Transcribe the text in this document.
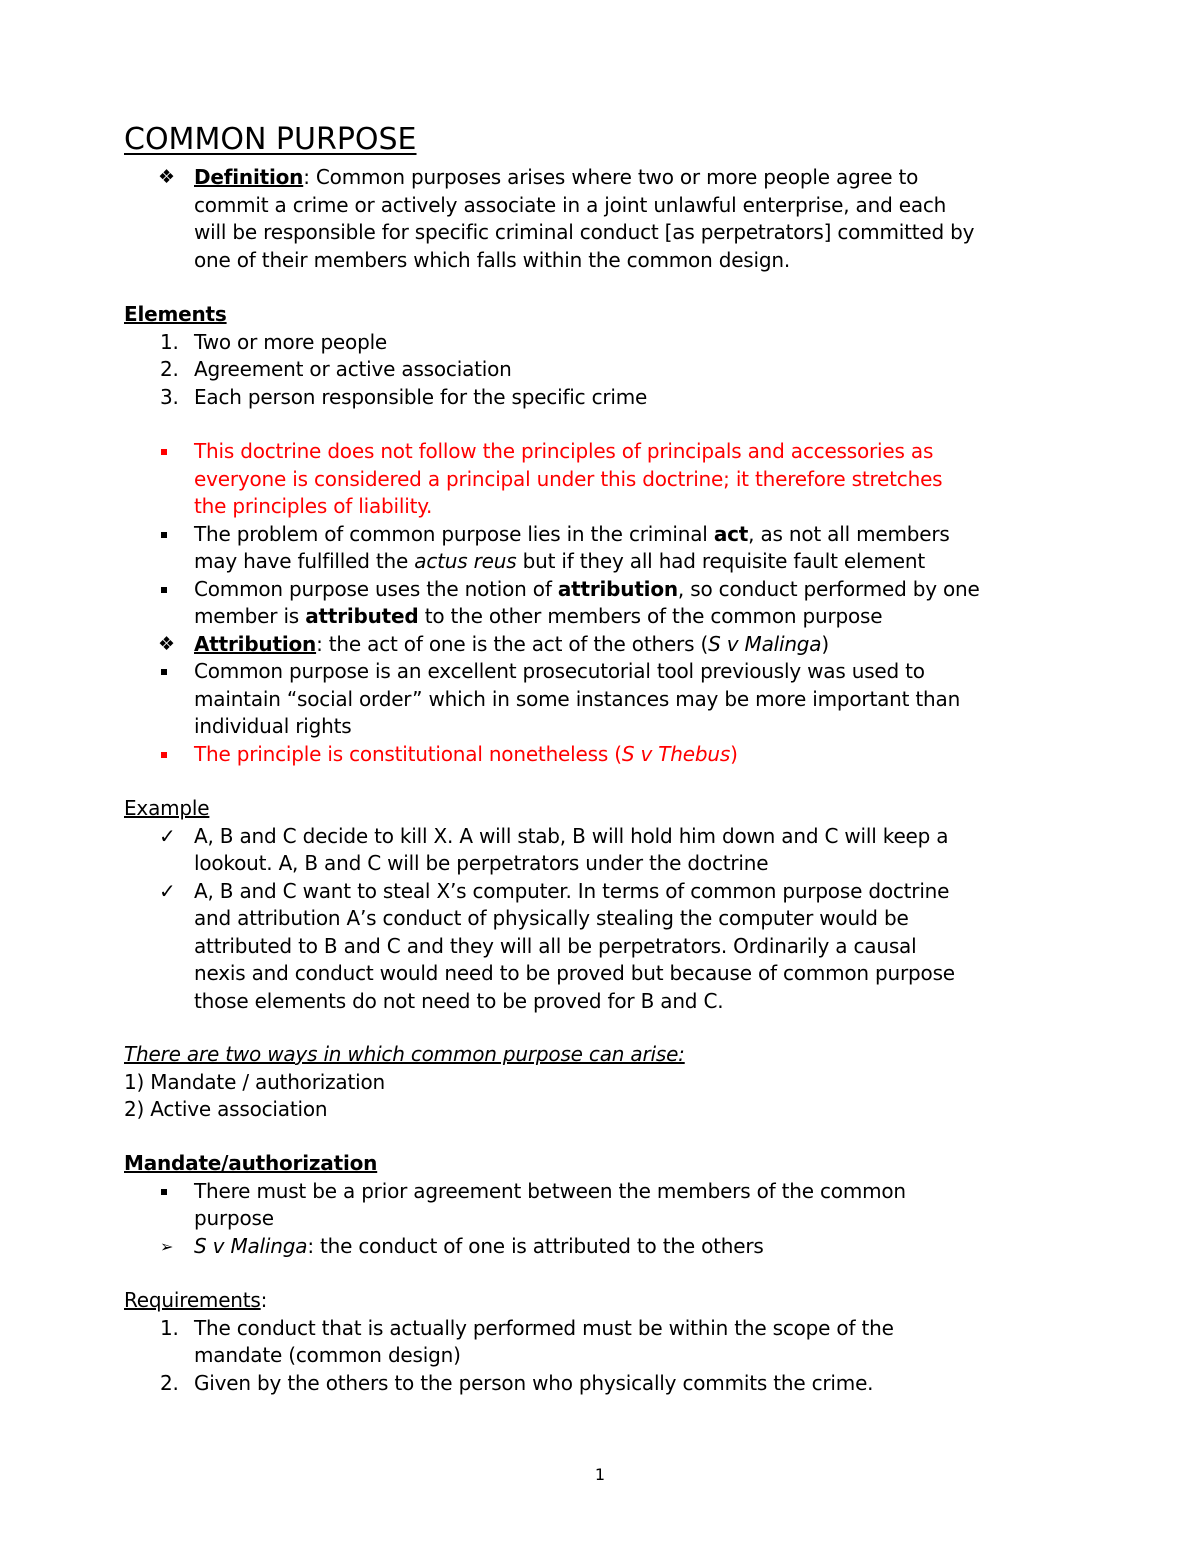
COMMON PURPOSE
❖ Definition: Common purposes arises where two or more people agree to
commit a crime or actively associate in a joint unlawful enterprise, and each
will be responsible for specific criminal conduct [as perpetrators] committed by
one of their members which falls within the common design.
Elements
1. Two or more people
2. Agreement or active association
3. Each person responsible for the specific crime
This doctrine does not follow the principles of principals and accessories as
everyone is considered a principal under this doctrine; it therefore stretches
the principles of liability.
The problem of common purpose lies in the criminal act, as not all members
may have fulfilled the actus reus but if they all had requisite fault element
Common purpose uses the notion of attribution, so conduct performed by one
member is attributed to the other members of the common purpose
❖ Attribution: the act of one is the act of the others (S v Malinga)
Common purpose is an excellent prosecutorial tool previously was used to
maintain “social order” which in some instances may be more important than
individual rights
The principle is constitutional nonetheless (S v Thebus)
Example
✓ A, B and C decide to kill X. A will stab, B will hold him down and C will keep a
lookout. A, B and C will be perpetrators under the doctrine
✓ A, B and C want to steal X’s computer. In terms of common purpose doctrine
and attribution A’s conduct of physically stealing the computer would be
attributed to B and C and they will all be perpetrators. Ordinarily a causal
nexis and conduct would need to be proved but because of common purpose
those elements do not need to be proved for B and C.
There are two ways in which common purpose can arise:
1) Mandate / authorization
2) Active association
Mandate/authorization
There must be a prior agreement between the members of the common
purpose
➢ S v Malinga: the conduct of one is attributed to the others
Requirements:
1. The conduct that is actually performed must be within the scope of the
mandate (common design)
2. Given by the others to the person who physically commits the crime.
1
